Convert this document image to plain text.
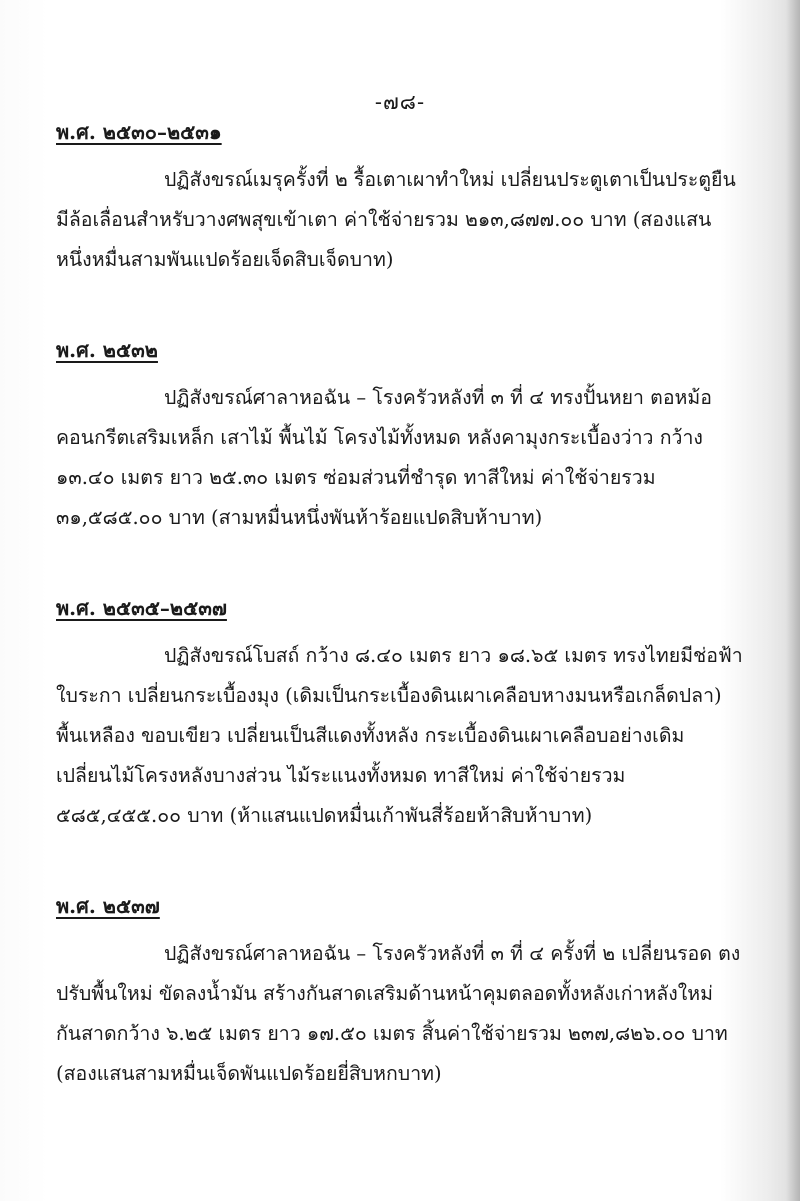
-๗๘-
พ.ศ. ๒๕๓๐–๒๕๓๑
ปฏิสังขรณ์เมรุครั้งที่ ๒ รื้อเตาเผาทำใหม่ เปลี่ยนประตูเตาเป็นประตูยืน
มีล้อเลื่อนสำหรับวางศพสุขเข้าเตา ค่าใช้จ่ายรวม ๒๑๓,๘๗๗.๐๐ บาท (สองแสน
หนึ่งหมื่นสามพันแปดร้อยเจ็ดสิบเจ็ดบาท)
พ.ศ. ๒๕๓๒
ปฏิสังขรณ์ศาลาหอฉัน – โรงครัวหลังที่ ๓ ที่ ๔ ทรงปั้นหยา ตอหม้อ
คอนกรีตเสริมเหล็ก เสาไม้ พื้นไม้ โครงไม้ทั้งหมด หลังคามุงกระเบื้องว่าว กว้าง
๑๓.๔๐ เมตร ยาว ๒๕.๓๐ เมตร ซ่อมส่วนที่ชำรุด ทาสีใหม่ ค่าใช้จ่ายรวม
๓๑,๕๘๕.๐๐ บาท (สามหมื่นหนึ่งพันห้าร้อยแปดสิบห้าบาท)
พ.ศ. ๒๕๓๕–๒๕๓๗
ปฏิสังขรณ์โบสถ์ กว้าง ๘.๔๐ เมตร ยาว ๑๘.๖๕ เมตร ทรงไทยมีช่อฟ้า
ใบระกา เปลี่ยนกระเบื้องมุง (เดิมเป็นกระเบื้องดินเผาเคลือบหางมนหรือเกล็ดปลา)
พื้นเหลือง ขอบเขียว เปลี่ยนเป็นสีแดงทั้งหลัง กระเบื้องดินเผาเคลือบอย่างเดิม
เปลี่ยนไม้โครงหลังบางส่วน ไม้ระแนงทั้งหมด ทาสีใหม่ ค่าใช้จ่ายรวม
๕๘๕,๔๕๕.๐๐ บาท (ห้าแสนแปดหมื่นเก้าพันสี่ร้อยห้าสิบห้าบาท)
พ.ศ. ๒๕๓๗
ปฏิสังขรณ์ศาลาหอฉัน – โรงครัวหลังที่ ๓ ที่ ๔ ครั้งที่ ๒ เปลี่ยนรอด ตง
ปรับพื้นใหม่ ขัดลงน้ำมัน สร้างกันสาดเสริมด้านหน้าคุมตลอดทั้งหลังเก่าหลังใหม่
กันสาดกว้าง ๖.๒๕ เมตร ยาว ๑๗.๕๐ เมตร สิ้นค่าใช้จ่ายรวม ๒๓๗,๘๒๖.๐๐ บาท
(สองแสนสามหมื่นเจ็ดพันแปดร้อยยี่สิบหกบาท)
